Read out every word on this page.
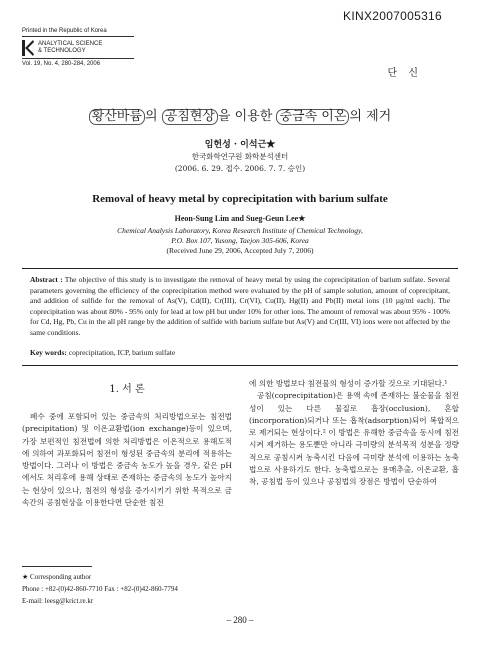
KINX2007005316
Printed in the Republic of Korea
ANALYTICAL SCIENCE
& TECHNOLOGY
Vol. 19, No. 4, 280-284, 2006
단 신
황산바륨 의 공침현상 을 이용한 중금속 이온 의 제거
임헌성 · 이석근★
한국화학연구원 화학분석센터
(2006. 6. 29. 접수. 2006. 7. 7. 승인)
Removal of heavy metal by coprecipitation with barium sulfate
Heon-Sung Lim and Sueg-Geun Lee★
Chemical Analysis Laboratory, Korea Research Institute of Chemical Technology,
P.O. Box 107, Yusong, Taejon 305-606, Korea
(Received June 29, 2006, Accepted July 7, 2006)
Abstract : The objective of this study is to investigate the removal of heavy metal by using the coprecipitation of barium sulfate. Several parameters governing the efficiency of the coprecipitation method were evaluated by the pH of sample solution, amount of coprecipitant, and addition of sulfide for the removal of As(V), Cd(II), Cr(III), Cr(VI), Cu(II), Hg(II) and Pb(II) metal ions (10 µg/ml each). The coprecipitation was about 80% - 95% only for lead at low pH but under 10% for other ions. The amount of removal was about 95% - 100% for Cd, Hg, Pb, Cu in the all pH range by the addition of sulfide with barium sulfate but As(V) and Cr(III, VI) ions were not affected by the same conditions.
Key words: coprecipitation, ICP, barium sulfate
1. 서 론

폐수 중에 포함되어 있는 중금속의 처리방법으로는 침전법(precipitation) 및 이온교환법(ion exchange)등이 있으며, 가장 보편적인 침전법에 의한 처리방법은 이온적으로 용해도적에 의하여 과포화되어 침전이 형성된 중금속의 분리에 적용하는 방법이다. 그러나 이 방법은 중금속 농도가 높을 경우, 같은 pH에서도 처리후에 용해 상태로 존재하는 중금속의 농도가 높아지는 현상이 있으나, 침전의 형성을 증가시키기 위한 목적으로 금속간의 공침현상을 이용한다면 단순한 침전

에 의한 방법보다 침전물의 형성이 증가할 것으로 기대된다.¹

공침(coprecipitation)은 용액 속에 존재하는 불순물을 침전성이 있는 다른 물질로 흡장(occlusion), 혼합(incorporation)되거나 또는 흡착(adsorption)되어 복합적으로 제거되는 현상이다.² 이 방법은 유해한 중금속을 동시에 침전시켜 제거하는 용도뿐만 아니라 극미량의 분석목적 성분을 정량적으로 공침시켜 농축시킨 다음에 극미량 분석에 이용하는 농축법으로 사용하기도 한다. 농축법으로는 용매추출, 이온교환, 흡착, 공침법 등이 있으나 공침법의 장점은 방법이 단순하여

★ Corresponding author
Phone : +82-(0)42-860-7710 Fax : +82-(0)42-860-7794
E-mail: leesg@krict.re.kr
– 280 –
